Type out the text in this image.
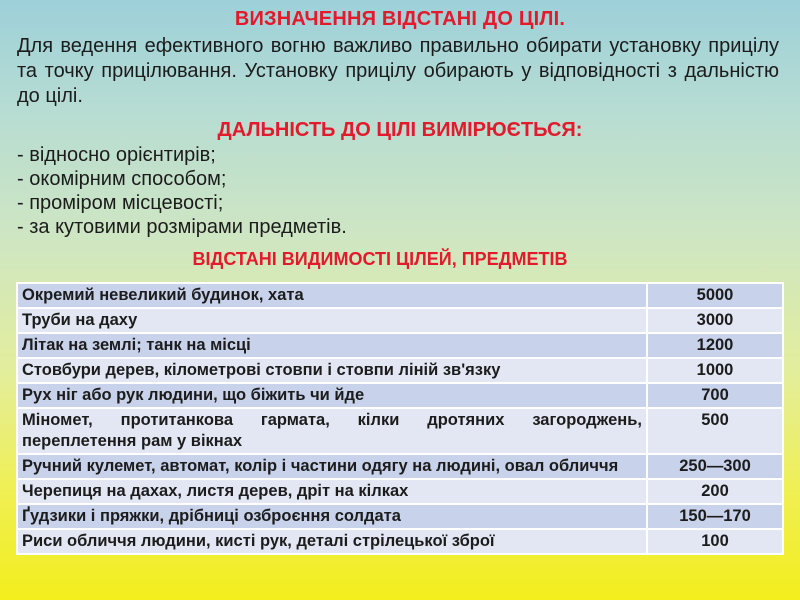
ВИЗНАЧЕННЯ ВІДСТАНІ ДО ЦІЛІ.
Для ведення ефективного вогню важливо правильно обирати установку прицілу та точку прицілювання. Установку прицілу обирають у відповідності з дальністю до цілі.
ДАЛЬНІСТЬ ДО ЦІЛІ ВИМІРЮЄТЬСЯ:
- відносно орієнтирів;
- окомірним способом;
- проміром місцевості;
- за кутовими розмірами предметів.
ВІДСТАНІ ВИДИМОСТІ ЦІЛЕЙ, ПРЕДМЕТІВ
Окремий невеликий будинок, хата	5000
Труби на даху	3000
Літак на землі; танк на місці	1200
Стовбури дерев, кілометрові стовпи і стовпи ліній зв'язку	1000
Рух ніг або рук людини, що біжить чи йде	700
Міномет, протитанкова гармата, кілки дротяних загороджень, переплетення рам у вікнах	500
Ручний кулемет, автомат, колір і частини одягу на людині, овал обличчя	250—300
Черепиця на дахах, листя дерев, дріт на кілках	200
Ґудзики і пряжки, дрібниці озброєння солдата	150—170
Риси обличчя людини, кисті рук, деталі стрілецької зброї	100
